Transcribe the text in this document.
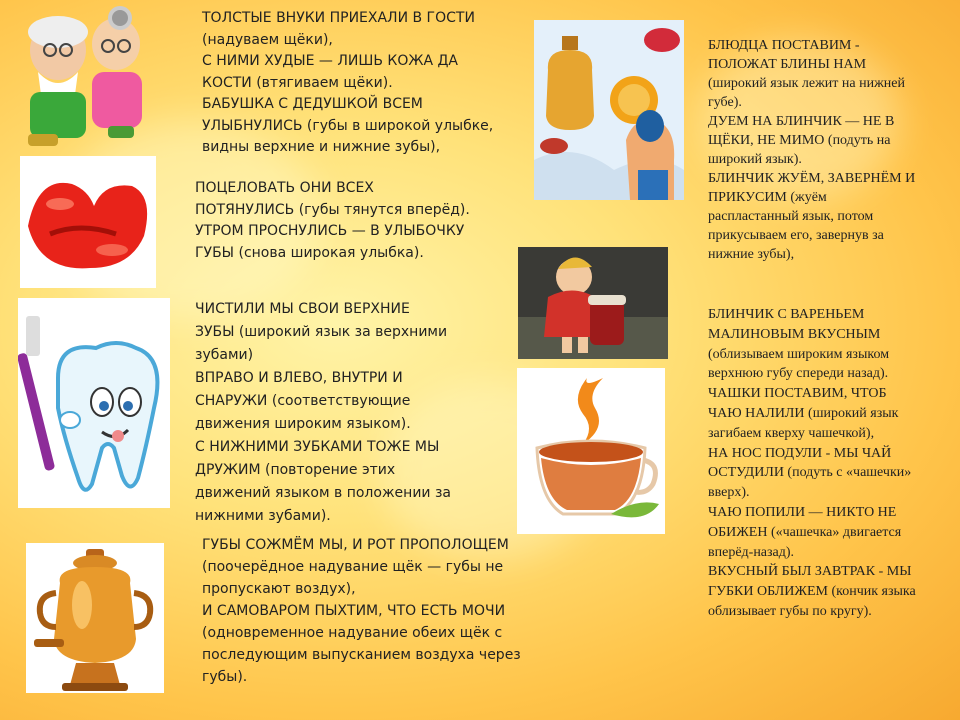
ТОЛСТЫЕ ВНУКИ ПРИЕХАЛИ В ГОСТИ

(надуваем щёки),

С НИМИ ХУДЫЕ — ЛИШЬ КОЖА ДА

КОСТИ (втягиваем щёки).

БАБУШКА С ДЕДУШКОЙ ВСЕМ

УЛЫБНУЛИСЬ (губы в широкой улыбке,

видны верхние и нижние зубы),

ПОЦЕЛОВАТЬ ОНИ ВСЕХ

ПОТЯНУЛИСЬ (губы тянутся вперёд).

УТРОМ ПРОСНУЛИСЬ — В УЛЫБОЧКУ

ГУБЫ (снова широкая улыбка).

ЧИСТИЛИ МЫ СВОИ ВЕРХНИЕ

ЗУБЫ (широкий язык за верхними

зубами)

ВПРАВО И ВЛЕВО, ВНУТРИ И

СНАРУЖИ (соответствующие

движения широким языком).

С НИЖНИМИ ЗУБКАМИ ТОЖЕ МЫ

ДРУЖИМ (повторение этих

движений языком в положении за

нижними зубами).

ГУБЫ СОЖМЁМ МЫ, И РОТ ПРОПОЛОЩЕМ

(поочерёдное надувание щёк — губы не

пропускают воздух),

И САМОВАРОМ ПЫХТИМ, ЧТО ЕСТЬ МОЧИ

(одновременное надувание обеих щёк с

последующим выпусканием воздуха через

губы).

БЛЮДЦА ПОСТАВИМ -

ПОЛОЖАТ БЛИНЫ НАМ

(широкий язык лежит на нижней

губе).

ДУЕМ НА БЛИНЧИК — НЕ В

ЩЁКИ, НЕ МИМО (подуть на

широкий язык).

БЛИНЧИК ЖУЁМ, ЗАВЕРНЁМ И

ПРИКУСИМ (жуём

распластанный язык, потом

прикусываем его, завернув за

нижние зубы),

БЛИНЧИК С ВАРЕНЬЕМ

МАЛИНОВЫМ ВКУСНЫМ

(облизываем широким языком

верхнюю губу спереди назад).

ЧАШКИ ПОСТАВИМ, ЧТОБ

ЧАЮ НАЛИЛИ (широкий язык

загибаем кверху чашечкой),

НА НОС ПОДУЛИ - МЫ ЧАЙ

ОСТУДИЛИ (подуть с «чашечки»

вверх).

ЧАЮ ПОПИЛИ — НИКТО НЕ

ОБИЖЕН («чашечка» двигается

вперёд-назад).

ВКУСНЫЙ БЫЛ ЗАВТРАК - МЫ

ГУБКИ ОБЛИЖЕМ (кончик языка

облизывает губы по кругу).
